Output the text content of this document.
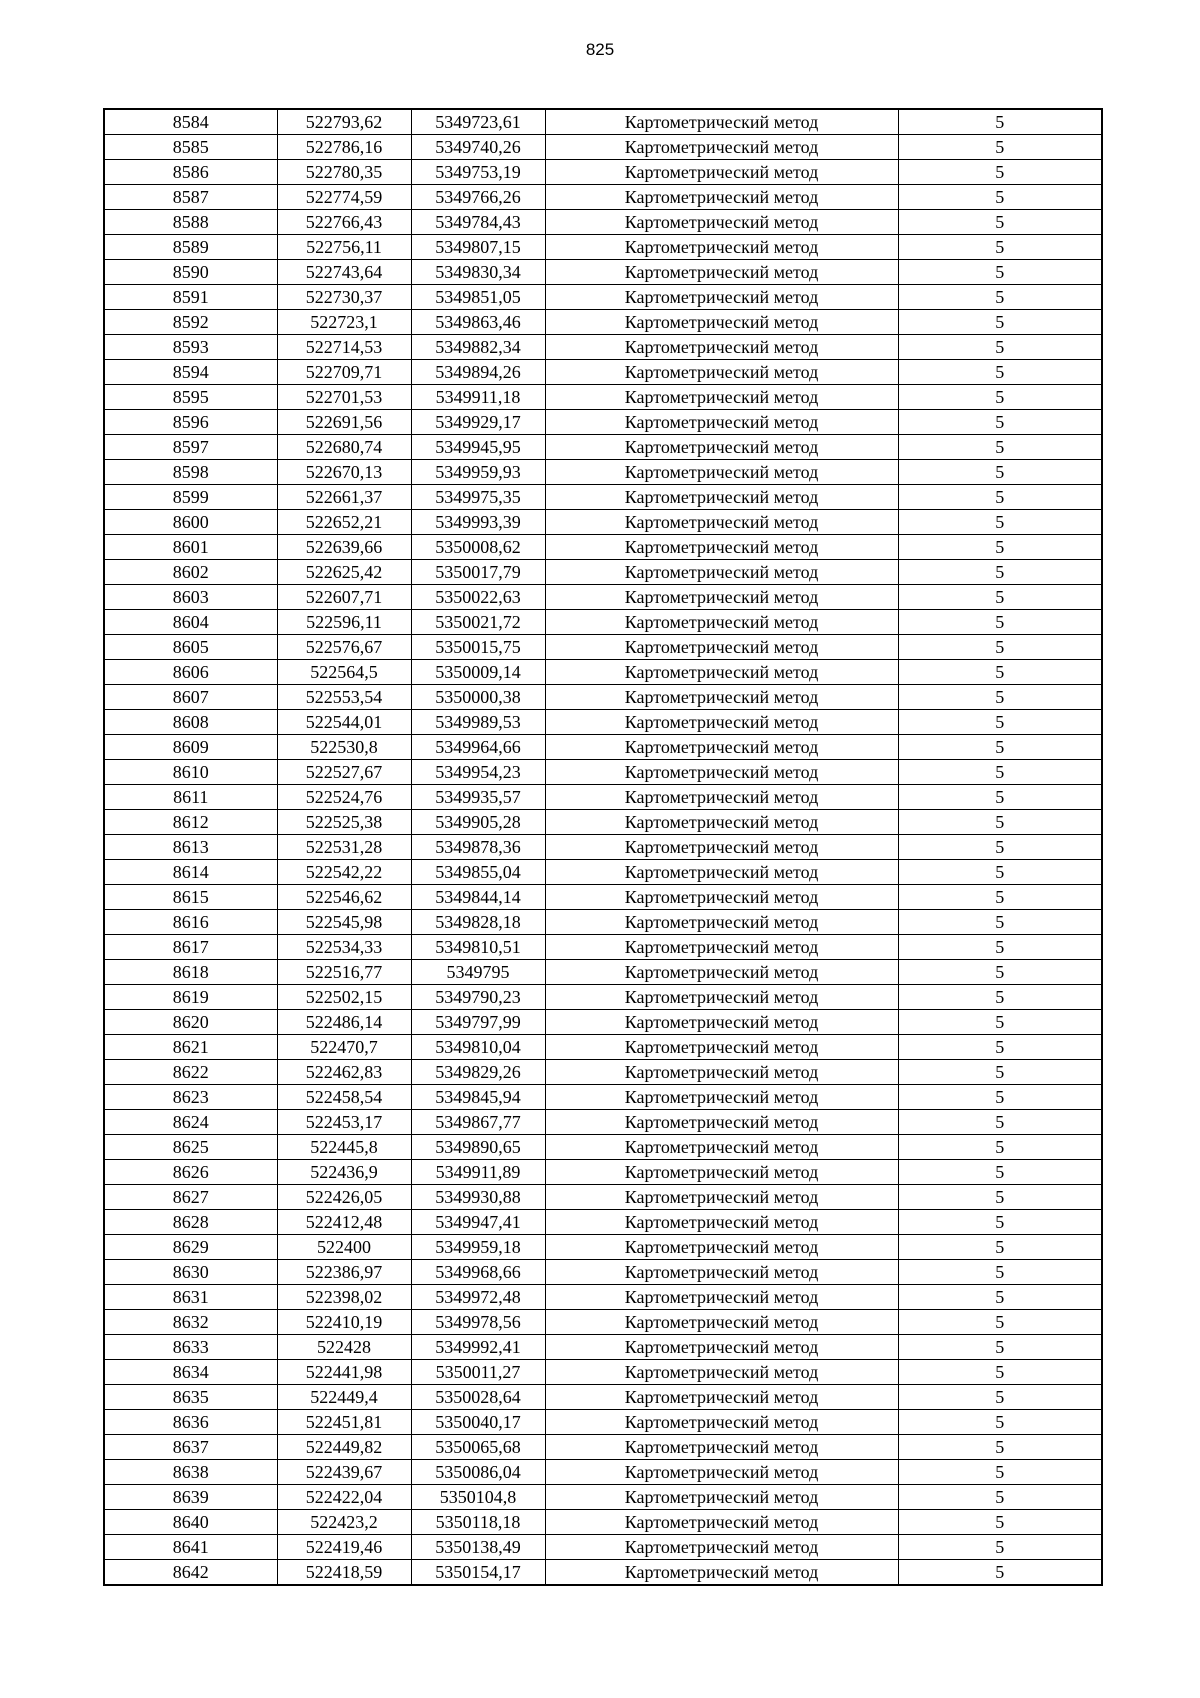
825
8584	522793,62	5349723,61	Картометрический метод	5
8585	522786,16	5349740,26	Картометрический метод	5
8586	522780,35	5349753,19	Картометрический метод	5
8587	522774,59	5349766,26	Картометрический метод	5
8588	522766,43	5349784,43	Картометрический метод	5
8589	522756,11	5349807,15	Картометрический метод	5
8590	522743,64	5349830,34	Картометрический метод	5
8591	522730,37	5349851,05	Картометрический метод	5
8592	522723,1	5349863,46	Картометрический метод	5
8593	522714,53	5349882,34	Картометрический метод	5
8594	522709,71	5349894,26	Картометрический метод	5
8595	522701,53	5349911,18	Картометрический метод	5
8596	522691,56	5349929,17	Картометрический метод	5
8597	522680,74	5349945,95	Картометрический метод	5
8598	522670,13	5349959,93	Картометрический метод	5
8599	522661,37	5349975,35	Картометрический метод	5
8600	522652,21	5349993,39	Картометрический метод	5
8601	522639,66	5350008,62	Картометрический метод	5
8602	522625,42	5350017,79	Картометрический метод	5
8603	522607,71	5350022,63	Картометрический метод	5
8604	522596,11	5350021,72	Картометрический метод	5
8605	522576,67	5350015,75	Картометрический метод	5
8606	522564,5	5350009,14	Картометрический метод	5
8607	522553,54	5350000,38	Картометрический метод	5
8608	522544,01	5349989,53	Картометрический метод	5
8609	522530,8	5349964,66	Картометрический метод	5
8610	522527,67	5349954,23	Картометрический метод	5
8611	522524,76	5349935,57	Картометрический метод	5
8612	522525,38	5349905,28	Картометрический метод	5
8613	522531,28	5349878,36	Картометрический метод	5
8614	522542,22	5349855,04	Картометрический метод	5
8615	522546,62	5349844,14	Картометрический метод	5
8616	522545,98	5349828,18	Картометрический метод	5
8617	522534,33	5349810,51	Картометрический метод	5
8618	522516,77	5349795	Картометрический метод	5
8619	522502,15	5349790,23	Картометрический метод	5
8620	522486,14	5349797,99	Картометрический метод	5
8621	522470,7	5349810,04	Картометрический метод	5
8622	522462,83	5349829,26	Картометрический метод	5
8623	522458,54	5349845,94	Картометрический метод	5
8624	522453,17	5349867,77	Картометрический метод	5
8625	522445,8	5349890,65	Картометрический метод	5
8626	522436,9	5349911,89	Картометрический метод	5
8627	522426,05	5349930,88	Картометрический метод	5
8628	522412,48	5349947,41	Картометрический метод	5
8629	522400	5349959,18	Картометрический метод	5
8630	522386,97	5349968,66	Картометрический метод	5
8631	522398,02	5349972,48	Картометрический метод	5
8632	522410,19	5349978,56	Картометрический метод	5
8633	522428	5349992,41	Картометрический метод	5
8634	522441,98	5350011,27	Картометрический метод	5
8635	522449,4	5350028,64	Картометрический метод	5
8636	522451,81	5350040,17	Картометрический метод	5
8637	522449,82	5350065,68	Картометрический метод	5
8638	522439,67	5350086,04	Картометрический метод	5
8639	522422,04	5350104,8	Картометрический метод	5
8640	522423,2	5350118,18	Картометрический метод	5
8641	522419,46	5350138,49	Картометрический метод	5
8642	522418,59	5350154,17	Картометрический метод	5
